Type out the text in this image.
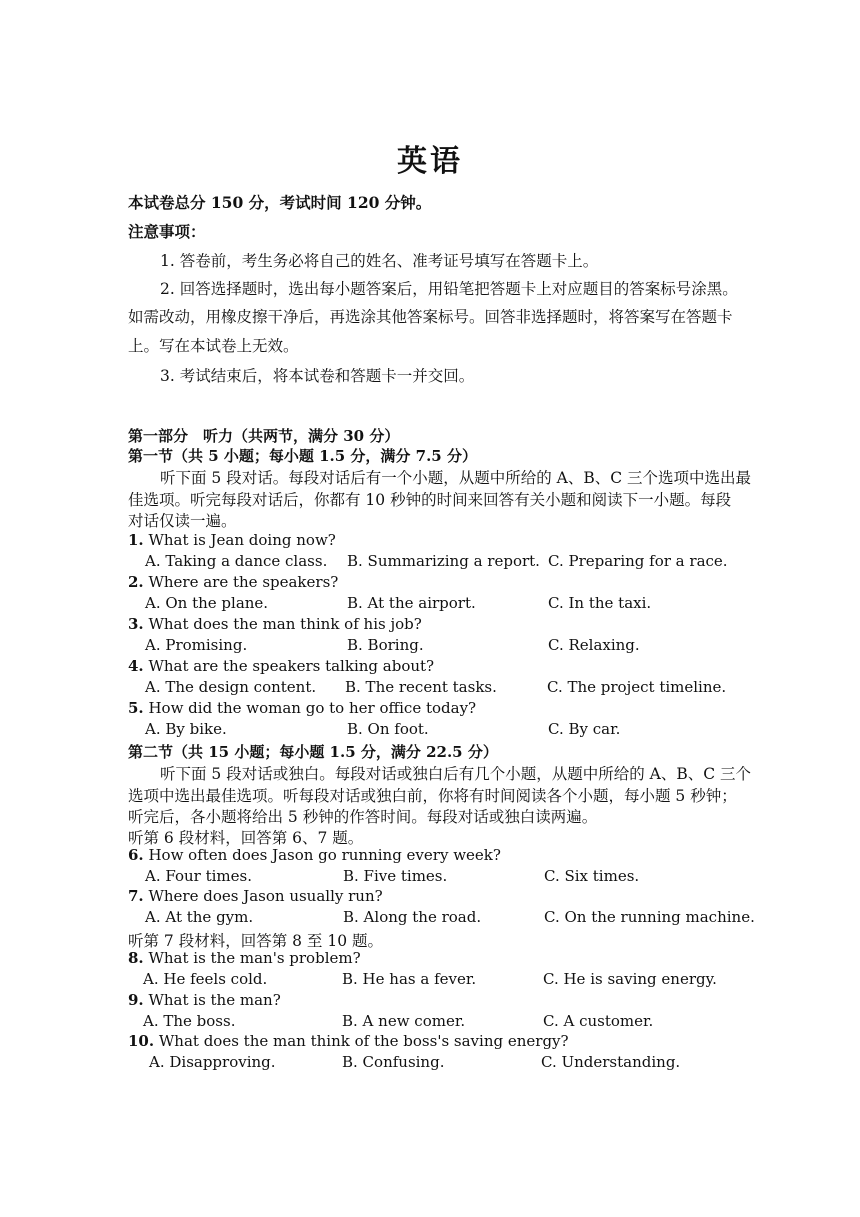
英语
本试卷总分 150 分，考试时间 120 分钟。
注意事项：
1. 答卷前，考生务必将自己的姓名、准考证号填写在答题卡上。
2. 回答选择题时，选出每小题答案后，用铅笔把答题卡上对应题目的答案标号涂黑。
如需改动，用橡皮擦干净后，再选涂其他答案标号。回答非选择题时，将答案写在答题卡
上。写在本试卷上无效。
3. 考试结束后，将本试卷和答题卡一并交回。
第一部分　听力（共两节，满分 30 分）
第一节（共 5 小题；每小题 1.5 分，满分 7.5 分）
听下面 5 段对话。每段对话后有一个小题，从题中所给的 A、B、C 三个选项中选出最
佳选项。听完每段对话后，你都有 10 秒钟的时间来回答有关小题和阅读下一小题。每段
对话仅读一遍。
1. What is Jean doing now?
A. Taking a dance class. B. Summarizing a report. C. Preparing for a race.
2. Where are the speakers?
A. On the plane.	B. At the airport.	C. In the taxi.
3. What does the man think of his job?
A. Promising.	B. Boring.	C. Relaxing.
4. What are the speakers talking about?
A. The design content. B. The recent tasks.	C. The project timeline.
5. How did the woman go to her office today?
A. By bike.	B. On foot.	C. By car.
第二节（共 15 小题；每小题 1.5 分，满分 22.5 分）
听下面 5 段对话或独白。每段对话或独白后有几个小题，从题中所给的 A、B、C 三个
选项中选出最佳选项。听每段对话或独白前，你将有时间阅读各个小题，每小题 5 秒钟；
听完后，各小题将给出 5 秒钟的作答时间。每段对话或独白读两遍。
听第 6 段材料，回答第 6、7 题。
6. How often does Jason go running every week?
A. Four times.	B. Five times.	C. Six times.
7. Where does Jason usually run?
A. At the gym.	B. Along the road.	C. On the running machine.
听第 7 段材料，回答第 8 至 10 题。
8. What is the man's problem?
A. He feels cold.	B. He has a fever.	C. He is saving energy.
9. What is the man?
A. The boss.	B. A new comer.	C. A customer.
10. What does the man think of the boss's saving energy?
A. Disapproving.	B. Confusing.	C. Understanding.
